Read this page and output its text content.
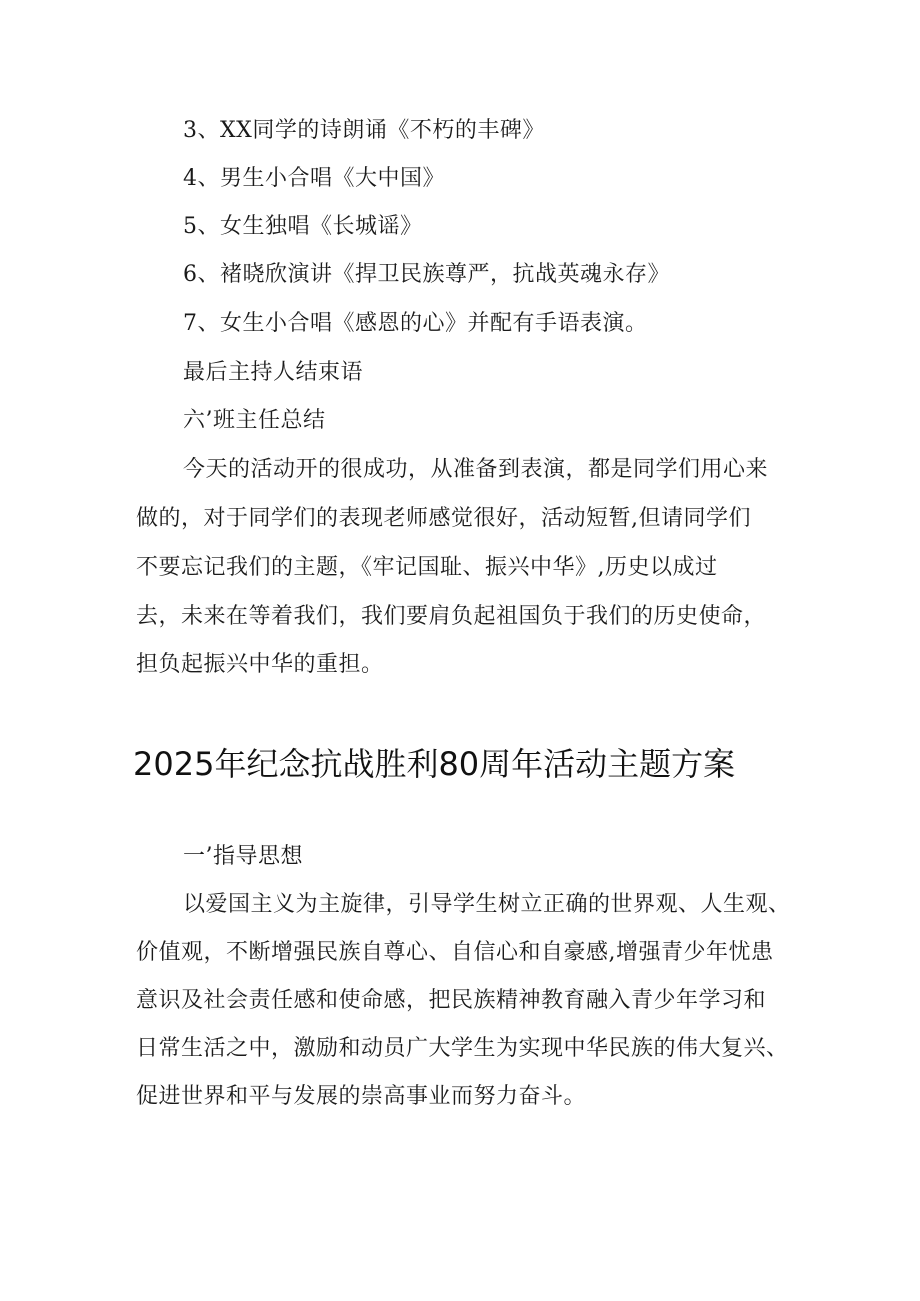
3、XX同学的诗朗诵《不朽的丰碑》
4、男生小合唱《大中国》
5、女生独唱《长城谣》
6、褚晓欣演讲《捍卫民族尊严，抗战英魂永存》
7、女生小合唱《感恩的心》并配有手语表演。
最后主持人结束语
六’班主任总结
今天的活动开的很成功，从准备到表演，都是同学们用心来
做的，对于同学们的表现老师感觉很好，活动短暂,但请同学们
不要忘记我们的主题，《牢记国耻、振兴中华》,历史以成过
去，未来在等着我们，我们要肩负起祖国负于我们的历史使命，
担负起振兴中华的重担。
2025年纪念抗战胜利80周年活动主题方案
一’指导思想
以爱国主义为主旋律，引导学生树立正确的世界观、人生观、
价值观，不断增强民族自尊心、自信心和自豪感,增强青少年忧患
意识及社会责任感和使命感，把民族精神教育融入青少年学习和
日常生活之中，激励和动员广大学生为实现中华民族的伟大复兴、
促进世界和平与发展的崇高事业而努力奋斗。
